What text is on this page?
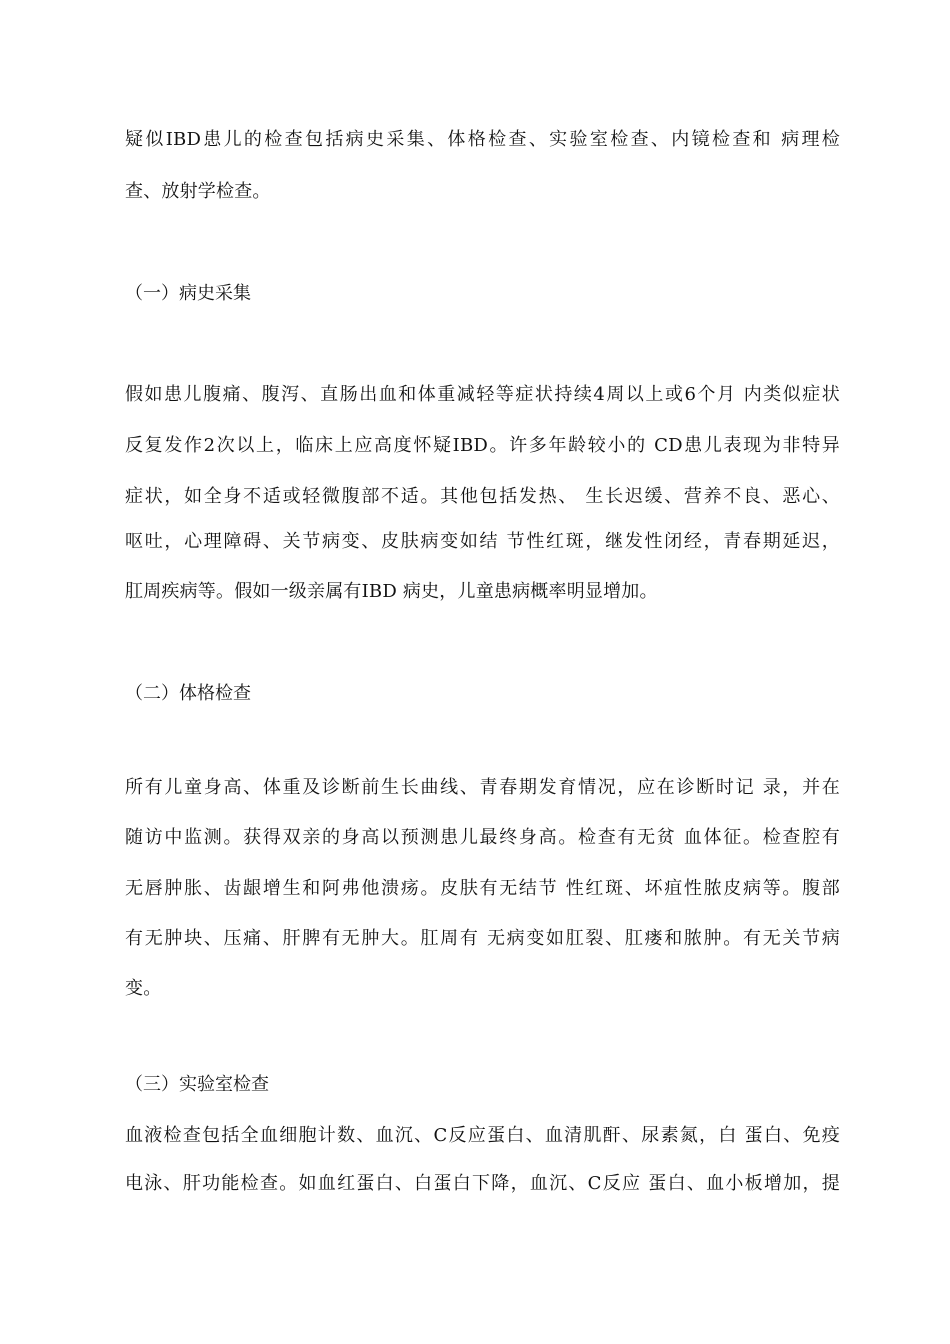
疑似IBD患儿的检查包括病史采集、体格检查、实验室检查、内镜检查和 病理检
查、放射学检查。
（一）病史采集
假如患儿腹痛、腹泻、直肠出血和体重减轻等症状持续4周以上或6个月 内类似症状
反复发作2次以上，临床上应高度怀疑IBD。许多年龄较小的 CD患儿表现为非特异
症状，如全身不适或轻微腹部不适。其他包括发热、 生长迟缓、营养不良、恶心、
呕吐，心理障碍、关节病变、皮肤病变如结 节性红斑，继发性闭经，青春期延迟，
肛周疾病等。假如一级亲属有IBD 病史，儿童患病概率明显增加。
（二）体格检查
所有儿童身高、体重及诊断前生长曲线、青春期发育情况，应在诊断时记 录，并在
随访中监测。获得双亲的身高以预测患儿最终身高。检查有无贫 血体征。检查腔有
无唇肿胀、齿龈增生和阿弗他溃疡。皮肤有无结节 性红斑、坏疽性脓皮病等。腹部
有无肿块、压痛、肝脾有无肿大。肛周有 无病变如肛裂、肛瘘和脓肿。有无关节病
变。
（三）实验室检查
血液检查包括全血细胞计数、血沉、C反应蛋白、血清肌酐、尿素氮，白 蛋白、免疫
电泳、肝功能检查。如血红蛋白、白蛋白下降，血沉、C反应 蛋白、血小板增加，提
